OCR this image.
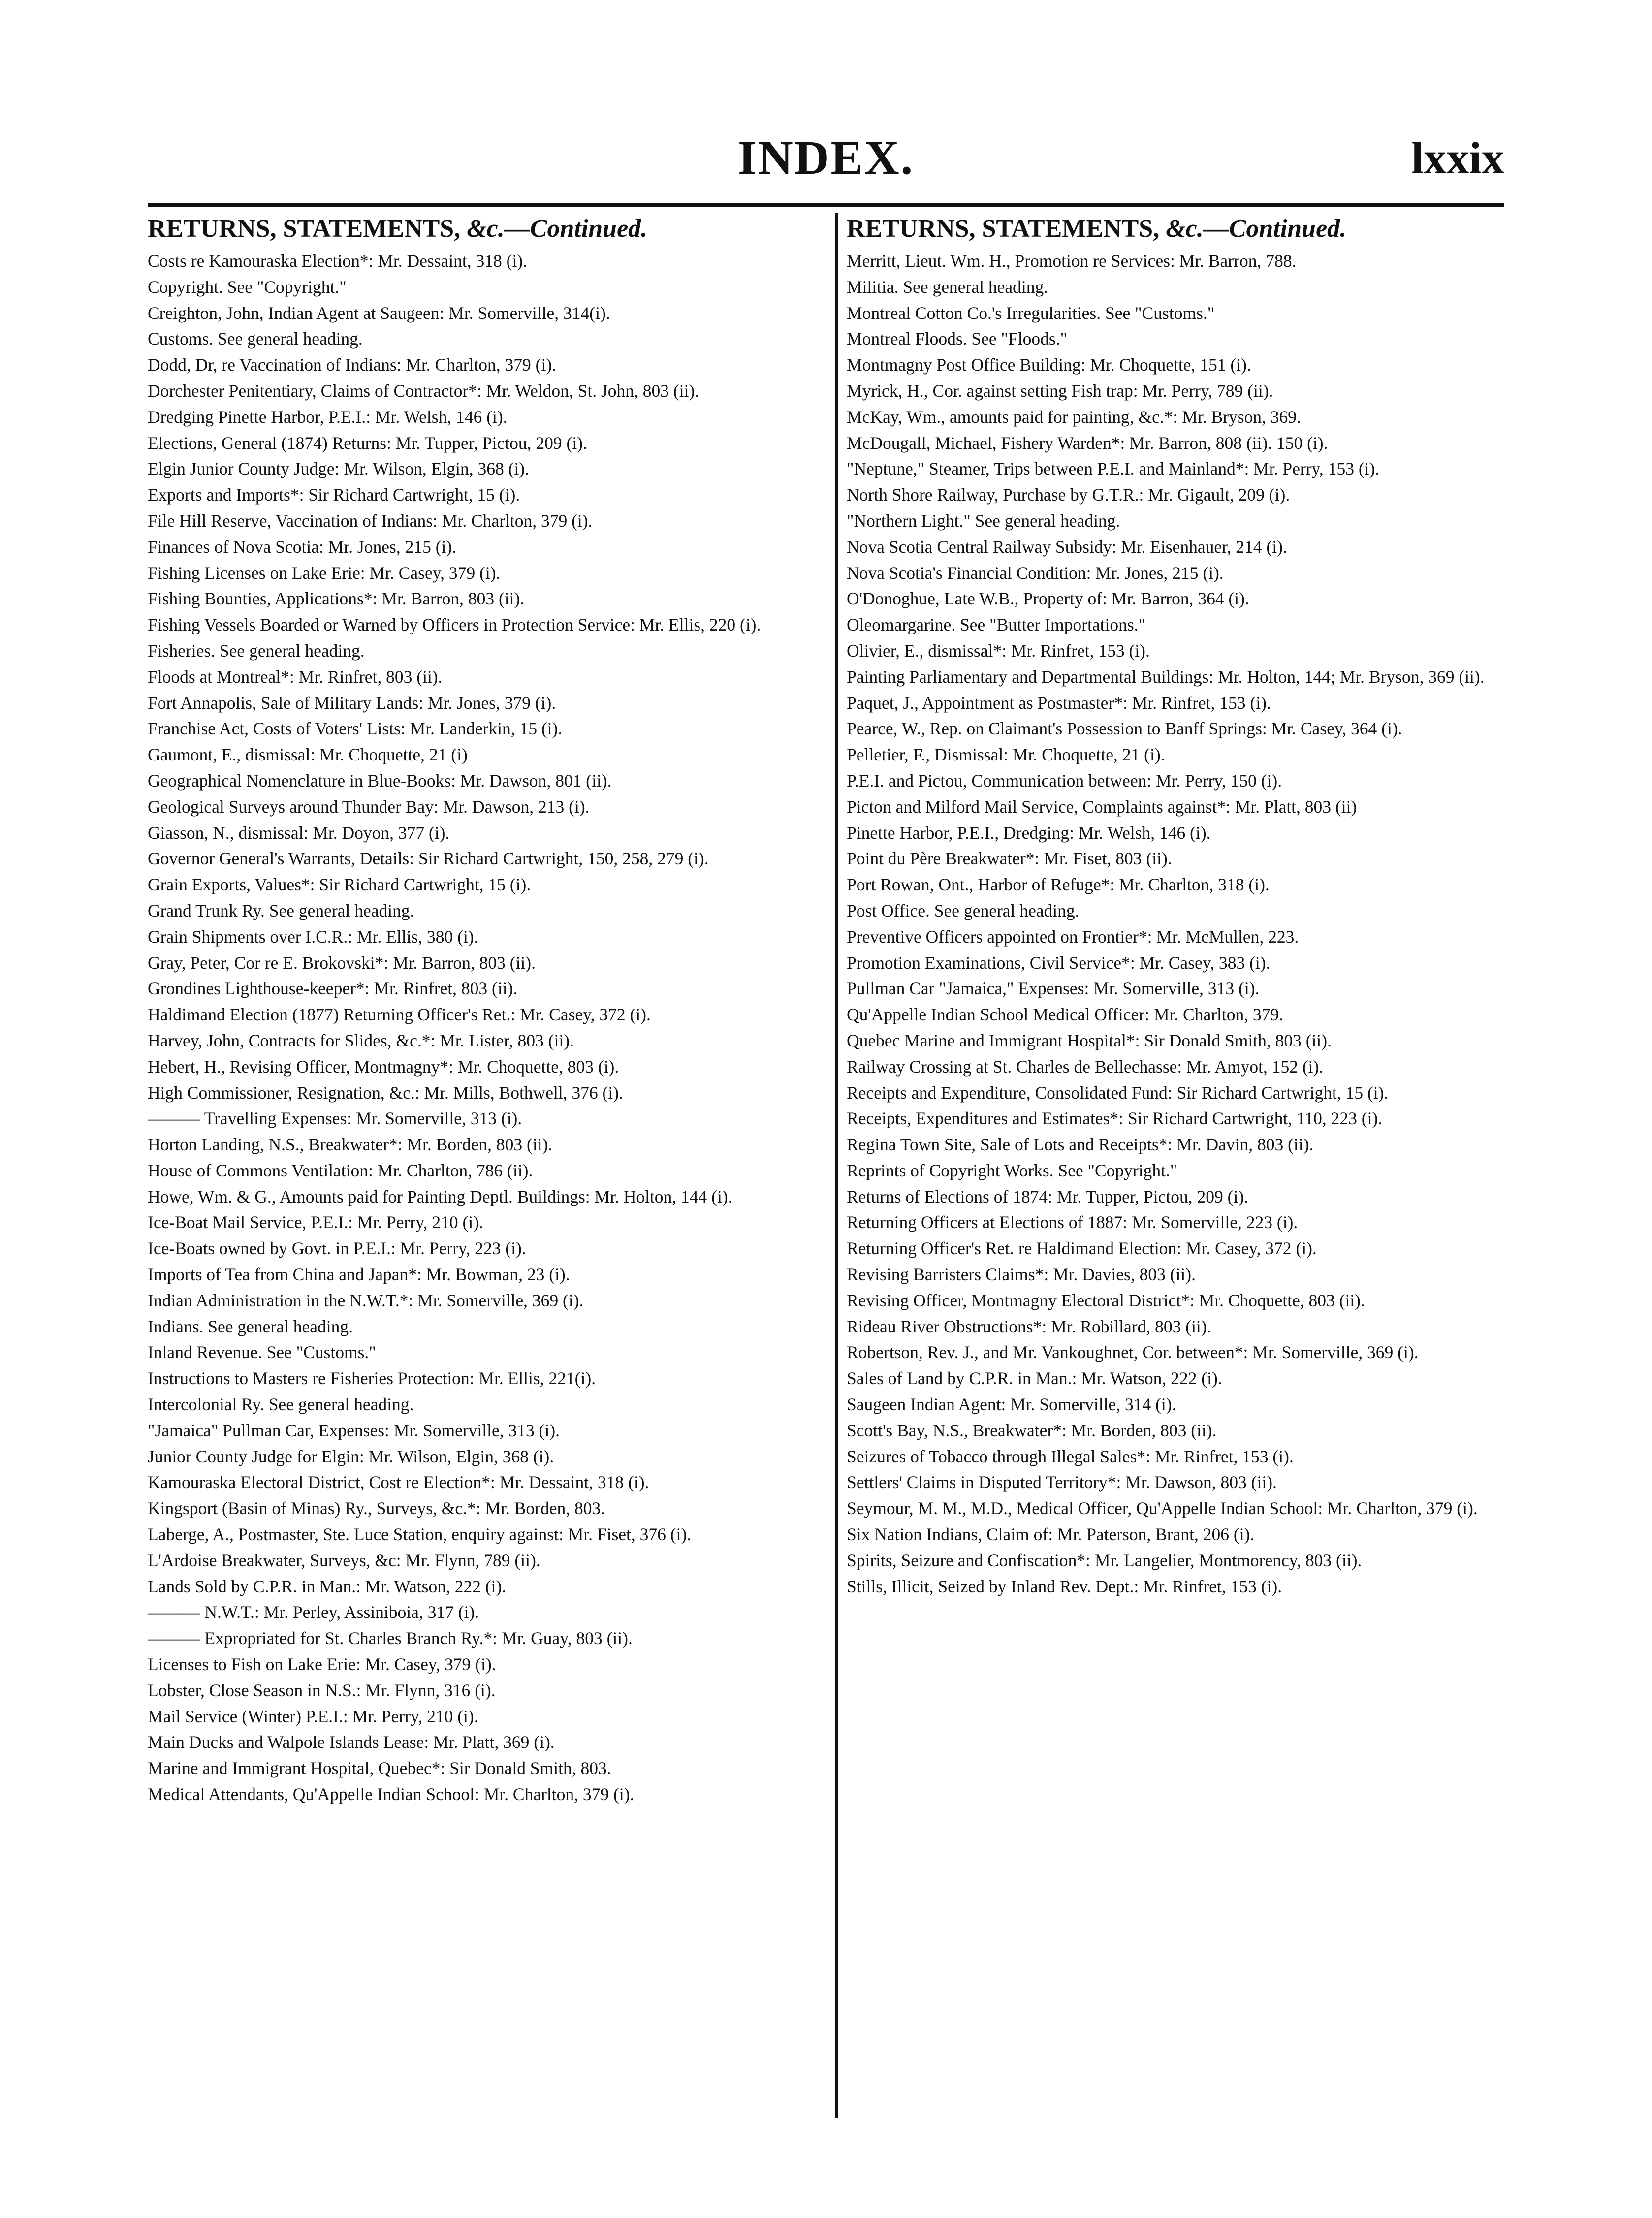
INDEX.	lxxix
RETURNS, STATEMENTS, &c.—Continued.
Costs re Kamouraska Election*: Mr. Dessaint, 318 (i).
Copyright. See "Copyright."
Creighton, John, Indian Agent at Saugeen: Mr. Somerville, 314(i).
Customs. See general heading.
Dodd, Dr, re Vaccination of Indians: Mr. Charlton, 379 (i).
Dorchester Penitentiary, Claims of Contractor*: Mr. Weldon, St. John, 803 (ii).
Dredging Pinette Harbor, P.E.I.: Mr. Welsh, 146 (i).
Elections, General (1874) Returns: Mr. Tupper, Pictou, 209 (i).
Elgin Junior County Judge: Mr. Wilson, Elgin, 368 (i).
Exports and Imports*: Sir Richard Cartwright, 15 (i).
File Hill Reserve, Vaccination of Indians: Mr. Charlton, 379 (i).
Finances of Nova Scotia: Mr. Jones, 215 (i).
Fishing Licenses on Lake Erie: Mr. Casey, 379 (i).
Fishing Bounties, Applications*: Mr. Barron, 803 (ii).
Fishing Vessels Boarded or Warned by Officers in Protection Service: Mr. Ellis, 220 (i).
Fisheries. See general heading.
Floods at Montreal*: Mr. Rinfret, 803 (ii).
Fort Annapolis, Sale of Military Lands: Mr. Jones, 379 (i).
Franchise Act, Costs of Voters' Lists: Mr. Landerkin, 15 (i).
Gaumont, E., dismissal: Mr. Choquette, 21 (i)
Geographical Nomenclature in Blue-Books: Mr. Dawson, 801 (ii).
Geological Surveys around Thunder Bay: Mr. Dawson, 213 (i).
Giasson, N., dismissal: Mr. Doyon, 377 (i).
Governor General's Warrants, Details: Sir Richard Cartwright, 150, 258, 279 (i).
Grain Exports, Values*: Sir Richard Cartwright, 15 (i).
Grand Trunk Ry. See general heading.
Grain Shipments over I.C.R.: Mr. Ellis, 380 (i).
Gray, Peter, Cor re E. Brokovski*: Mr. Barron, 803 (ii).
Grondines Lighthouse-keeper*: Mr. Rinfret, 803 (ii).
Haldimand Election (1877) Returning Officer's Ret.: Mr. Casey, 372 (i).
Harvey, John, Contracts for Slides, &c.*: Mr. Lister, 803 (ii).
Hebert, H., Revising Officer, Montmagny*: Mr. Choquette, 803 (i).
High Commissioner, Resignation, &c.: Mr. Mills, Bothwell, 376 (i).
——— Travelling Expenses: Mr. Somerville, 313 (i).
Horton Landing, N.S., Breakwater*: Mr. Borden, 803 (ii).
House of Commons Ventilation: Mr. Charlton, 786 (ii).
Howe, Wm. & G., Amounts paid for Painting Deptl. Buildings: Mr. Holton, 144 (i).
Ice-Boat Mail Service, P.E.I.: Mr. Perry, 210 (i).
Ice-Boats owned by Govt. in P.E.I.: Mr. Perry, 223 (i).
Imports of Tea from China and Japan*: Mr. Bowman, 23 (i).
Indian Administration in the N.W.T.*: Mr. Somerville, 369 (i).
Indians. See general heading.
Inland Revenue. See "Customs."
Instructions to Masters re Fisheries Protection: Mr. Ellis, 221(i).
Intercolonial Ry. See general heading.
"Jamaica" Pullman Car, Expenses: Mr. Somerville, 313 (i).
Junior County Judge for Elgin: Mr. Wilson, Elgin, 368 (i).
Kamouraska Electoral District, Cost re Election*: Mr. Dessaint, 318 (i).
Kingsport (Basin of Minas) Ry., Surveys, &c.*: Mr. Borden, 803.
Laberge, A., Postmaster, Ste. Luce Station, enquiry against: Mr. Fiset, 376 (i).
L'Ardoise Breakwater, Surveys, &c: Mr. Flynn, 789 (ii).
Lands Sold by C.P.R. in Man.: Mr. Watson, 222 (i).
——— N.W.T.: Mr. Perley, Assiniboia, 317 (i).
——— Expropriated for St. Charles Branch Ry.*: Mr. Guay, 803 (ii).
Licenses to Fish on Lake Erie: Mr. Casey, 379 (i).
Lobster, Close Season in N.S.: Mr. Flynn, 316 (i).
Mail Service (Winter) P.E.I.: Mr. Perry, 210 (i).
Main Ducks and Walpole Islands Lease: Mr. Platt, 369 (i).
Marine and Immigrant Hospital, Quebec*: Sir Donald Smith, 803.
Medical Attendants, Qu'Appelle Indian School: Mr. Charlton, 379 (i).
RETURNS, STATEMENTS, &c.—Continued.
Merritt, Lieut. Wm. H., Promotion re Services: Mr. Barron, 788.
Militia. See general heading.
Montreal Cotton Co.'s Irregularities. See "Customs."
Montreal Floods. See "Floods."
Montmagny Post Office Building: Mr. Choquette, 151 (i).
Myrick, H., Cor. against setting Fish trap: Mr. Perry, 789 (ii).
McKay, Wm., amounts paid for painting, &c.*: Mr. Bryson, 369.
McDougall, Michael, Fishery Warden*: Mr. Barron, 808 (ii). 150 (i).
"Neptune," Steamer, Trips between P.E.I. and Mainland*: Mr. Perry, 153 (i).
North Shore Railway, Purchase by G.T.R.: Mr. Gigault, 209 (i).
"Northern Light." See general heading.
Nova Scotia Central Railway Subsidy: Mr. Eisenhauer, 214 (i).
Nova Scotia's Financial Condition: Mr. Jones, 215 (i).
O'Donoghue, Late W.B., Property of: Mr. Barron, 364 (i).
Oleomargarine. See "Butter Importations."
Olivier, E., dismissal*: Mr. Rinfret, 153 (i).
Painting Parliamentary and Departmental Buildings: Mr. Holton, 144; Mr. Bryson, 369 (ii).
Paquet, J., Appointment as Postmaster*: Mr. Rinfret, 153 (i).
Pearce, W., Rep. on Claimant's Possession to Banff Springs: Mr. Casey, 364 (i).
Pelletier, F., Dismissal: Mr. Choquette, 21 (i).
P.E.I. and Pictou, Communication between: Mr. Perry, 150 (i).
Picton and Milford Mail Service, Complaints against*: Mr. Platt, 803 (ii)
Pinette Harbor, P.E.I., Dredging: Mr. Welsh, 146 (i).
Point du Père Breakwater*: Mr. Fiset, 803 (ii).
Port Rowan, Ont., Harbor of Refuge*: Mr. Charlton, 318 (i).
Post Office. See general heading.
Preventive Officers appointed on Frontier*: Mr. McMullen, 223.
Promotion Examinations, Civil Service*: Mr. Casey, 383 (i).
Pullman Car "Jamaica," Expenses: Mr. Somerville, 313 (i).
Qu'Appelle Indian School Medical Officer: Mr. Charlton, 379.
Quebec Marine and Immigrant Hospital*: Sir Donald Smith, 803 (ii).
Railway Crossing at St. Charles de Bellechasse: Mr. Amyot, 152 (i).
Receipts and Expenditure, Consolidated Fund: Sir Richard Cartwright, 15 (i).
Receipts, Expenditures and Estimates*: Sir Richard Cartwright, 110, 223 (i).
Regina Town Site, Sale of Lots and Receipts*: Mr. Davin, 803 (ii).
Reprints of Copyright Works. See "Copyright."
Returns of Elections of 1874: Mr. Tupper, Pictou, 209 (i).
Returning Officers at Elections of 1887: Mr. Somerville, 223 (i).
Returning Officer's Ret. re Haldimand Election: Mr. Casey, 372 (i).
Revising Barristers Claims*: Mr. Davies, 803 (ii).
Revising Officer, Montmagny Electoral District*: Mr. Choquette, 803 (ii).
Rideau River Obstructions*: Mr. Robillard, 803 (ii).
Robertson, Rev. J., and Mr. Vankoughnet, Cor. between*: Mr. Somerville, 369 (i).
Sales of Land by C.P.R. in Man.: Mr. Watson, 222 (i).
Saugeen Indian Agent: Mr. Somerville, 314 (i).
Scott's Bay, N.S., Breakwater*: Mr. Borden, 803 (ii).
Seizures of Tobacco through Illegal Sales*: Mr. Rinfret, 153 (i).
Settlers' Claims in Disputed Territory*: Mr. Dawson, 803 (ii).
Seymour, M. M., M.D., Medical Officer, Qu'Appelle Indian School: Mr. Charlton, 379 (i).
Six Nation Indians, Claim of: Mr. Paterson, Brant, 206 (i).
Spirits, Seizure and Confiscation*: Mr. Langelier, Montmorency, 803 (ii).
Stills, Illicit, Seized by Inland Rev. Dept.: Mr. Rinfret, 153 (i).
